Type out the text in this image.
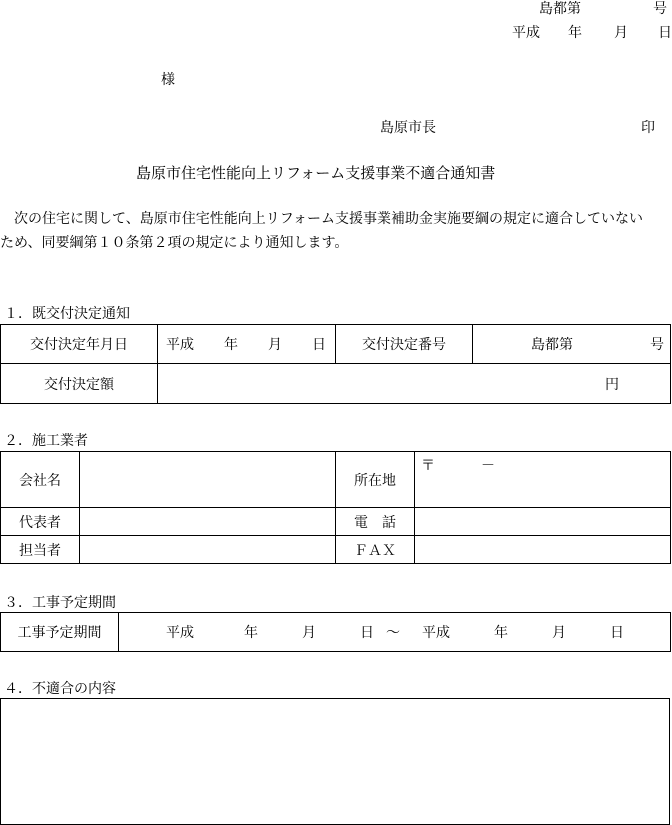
島都第	号
平成 年 月 日
様
島原市長	印
島原市住宅性能向上リフォーム支援事業不適合通知書
次の住宅に関して、島原市住宅性能向上リフォーム支援事業補助金実施要綱の規定に適合していない
ため、同要綱第１０条第２項の規定により通知します。
１．既交付決定通知
交付決定年月日	平成 年 月 日	交付決定番号	島都第 号

交付決定額	円		
２．施工業者
会社名		所在地	〒 －

代表者		電　話	
担当者		ＦＡＸ	
３．工事予定期間
工事予定期間	平成	年	月	日 ～ 平成	年	月	日
４．不適合の内容
